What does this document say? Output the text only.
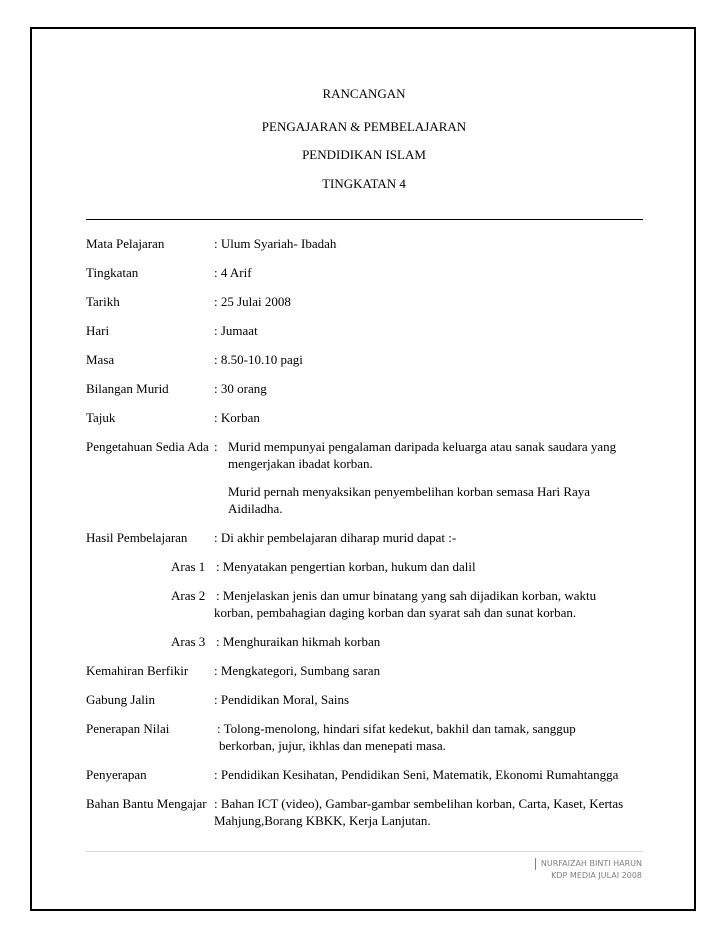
RANCANGAN
PENGAJARAN & PEMBELAJARAN
PENDIDIKAN ISLAM
TINGKATAN 4
Mata Pelajaran	: Ulum Syariah- Ibadah
Tingkatan	: 4 Arif
Tarikh	: 25 Julai 2008
Hari	: Jumaat
Masa	: 8.50-10.10 pagi
Bilangan Murid	: 30 orang
Tajuk	: Korban
Pengetahuan Sedia Ada : Murid mempunyai pengalaman daripada keluarga atau sanak saudara yang
mengerjakan ibadat korban.
Murid pernah menyaksikan penyembelihan korban semasa Hari Raya
Aidiladha.
Hasil Pembelajaran : Di akhir pembelajaran diharap murid dapat :-
Aras 1 : Menyatakan pengertian korban, hukum dan dalil
Aras 2 : Menjelaskan jenis dan umur binatang yang sah dijadikan korban, waktu
korban, pembahagian daging korban dan syarat sah dan sunat korban.
Aras 3 : Menghuraikan hikmah korban
Kemahiran Berfikir : Mengkategori, Sumbang saran
Gabung Jalin	: Pendidikan Moral, Sains
Penerapan Nilai	: Tolong-menolong, hindari sifat kedekut, bakhil dan tamak, sanggup
berkorban, jujur, ikhlas dan menepati masa.
Penyerapan	: Pendidikan Kesihatan, Pendidikan Seni, Matematik, Ekonomi Rumahtangga
Bahan Bantu Mengajar : Bahan ICT (video), Gambar-gambar sembelihan korban, Carta, Kaset, Kertas
Mahjung,Borang KBKK, Kerja Lanjutan.
NURFAIZAH BINTI HARUN
KDP MEDIA JULAI 2008
